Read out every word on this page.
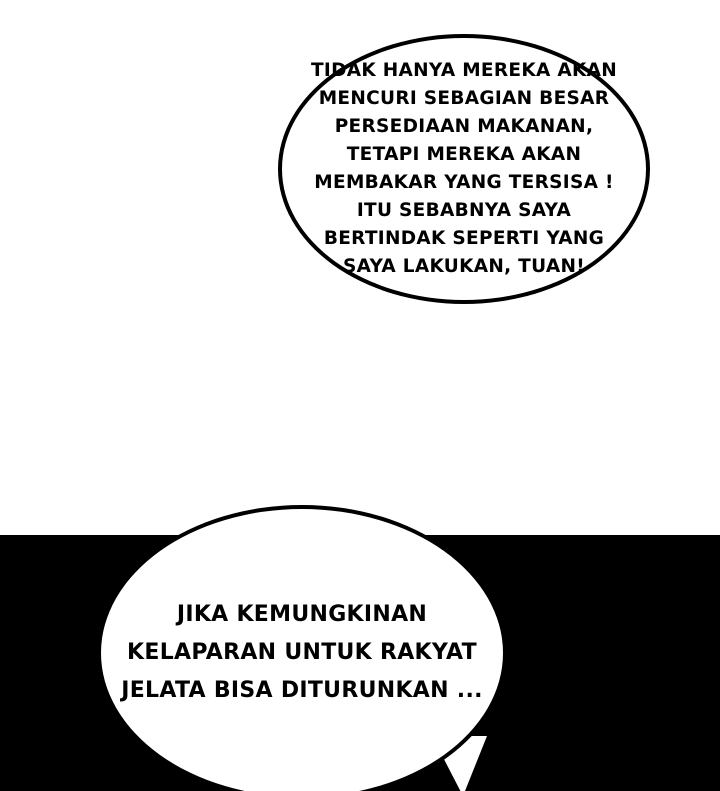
TIDAK HANYA MEREKA AKAN MENCURI SEBAGIAN BESAR PERSEDIAAN MAKANAN, TETAPI MEREKA AKAN MEMBAKAR YANG TERSISA ! ITU SEBABNYA SAYA BERTINDAK SEPERTI YANG SAYA LAKUKAN, TUAN!
JIKA KEMUNGKINAN KELAPARAN UNTUK RAKYAT JELATA BISA DITURUNKAN ...
